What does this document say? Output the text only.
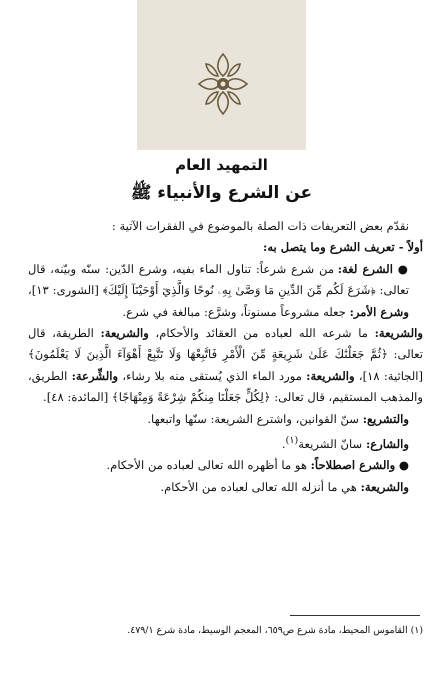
التمهيد العام
عن الشرع والأنبياء ﷺ

نقدّم بعض التعريفات ذات الصلة بالموضوع في الفقرات الآتية :

أولاً - تعريف الشرع وما يتصل به:

● الشرع لغة: من شرع شرعاً: تناول الماء بفيه، وشرع الدّين: سنّه وبيّنه، قال تعالى: ﴿شَرَعَ لَكُم مِّنَ الدِّينِ مَا وَصَّىٰ بِهِۦ نُوحًا وَالَّذِيٓ أَوْحَيْنَآ إِلَيْكَ﴾ [الشورى: ١٣]، وشرع الأمر: جعله مشروعاً مسنوناً، وشرَّع: مبالغة في شرع.

والشريعة: ما شرعه الله لعباده من العقائد والأحكام، والشريعة: الطريقة، قال تعالى: ﴿ثُمَّ جَعَلْنَٰكَ عَلَىٰ شَرِيعَةٍ مِّنَ الْأَمْرِ فَاتَّبِعْهَا وَلَا تَتَّبِعْ أَهْوَآءَ الَّذِينَ لَا يَعْلَمُونَ﴾ [الجاثية: ١٨]، والشريعة: مورد الماء الذي يُستقى منه بلا رشاء، والشِّرعة: الطريق، والمذهب المستقيم، قال تعالى: ﴿لِكُلٍّ جَعَلْنَا مِنكُمْ شِرْعَةً وَمِنْهَاجًا﴾ [المائدة: ٤٨].

والتشريع: سنّ القوانين، واشترع الشريعة: سنّها واتبعها.

والشارع: سانّ الشريعة$^{(١)}$.

● والشرع اصطلاحاً: هو ما أظهره الله تعالى لعباده من الأحكام.

والشريعة: هي ما أنزله الله تعالى لعباده من الأحكام.

(١) القاموس المحيط، مادة شرع ص٦٥٩، المعجم الوسيط، مادة شرع ٤٧٩/١.
